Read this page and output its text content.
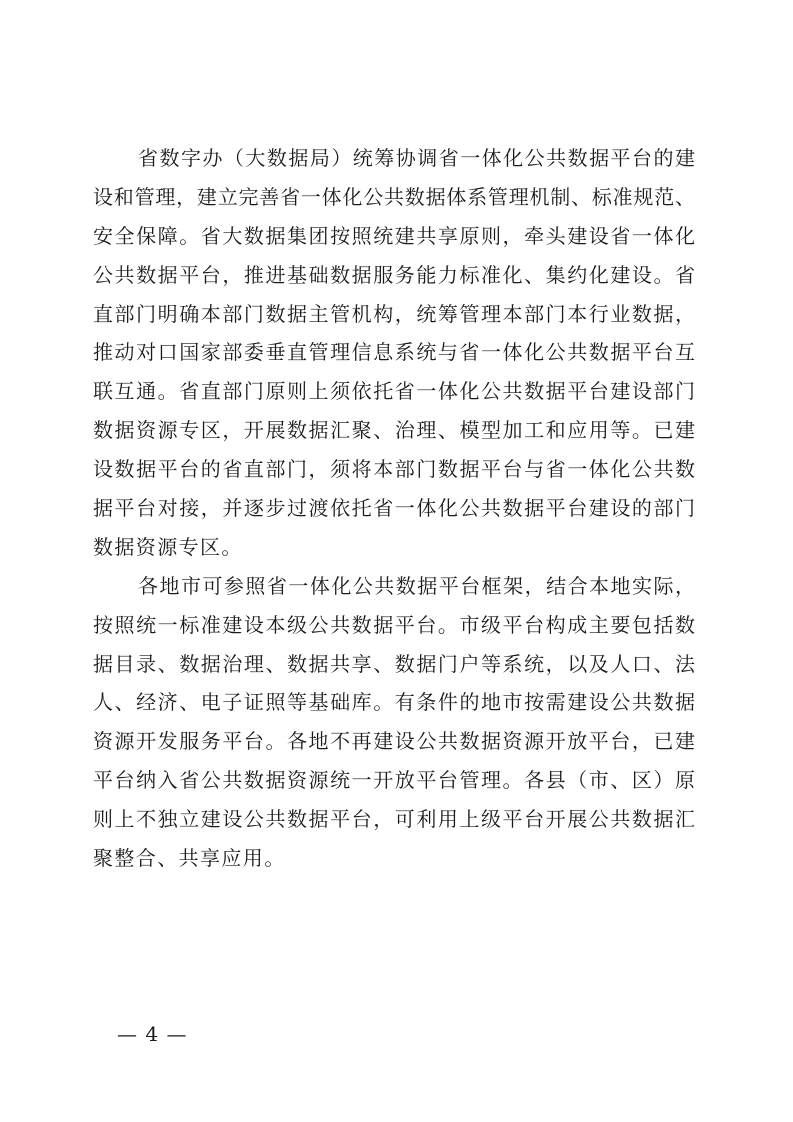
省数字办（大数据局）统筹协调省一体化公共数据平台的建
设和管理，建立完善省一体化公共数据体系管理机制、标准规范、
安全保障。省大数据集团按照统建共享原则，牵头建设省一体化
公共数据平台，推进基础数据服务能力标准化、集约化建设。省
直部门明确本部门数据主管机构，统筹管理本部门本行业数据，
推动对口国家部委垂直管理信息系统与省一体化公共数据平台互
联互通。省直部门原则上须依托省一体化公共数据平台建设部门
数据资源专区，开展数据汇聚、治理、模型加工和应用等。已建
设数据平台的省直部门，须将本部门数据平台与省一体化公共数
据平台对接，并逐步过渡依托省一体化公共数据平台建设的部门
数据资源专区。
各地市可参照省一体化公共数据平台框架，结合本地实际，
按照统一标准建设本级公共数据平台。市级平台构成主要包括数
据目录、数据治理、数据共享、数据门户等系统，以及人口、法
人、经济、电子证照等基础库。有条件的地市按需建设公共数据
资源开发服务平台。各地不再建设公共数据资源开放平台，已建
平台纳入省公共数据资源统一开放平台管理。各县（市、区）原
则上不独立建设公共数据平台，可利用上级平台开展公共数据汇
聚整合、共享应用。
— 4 —
